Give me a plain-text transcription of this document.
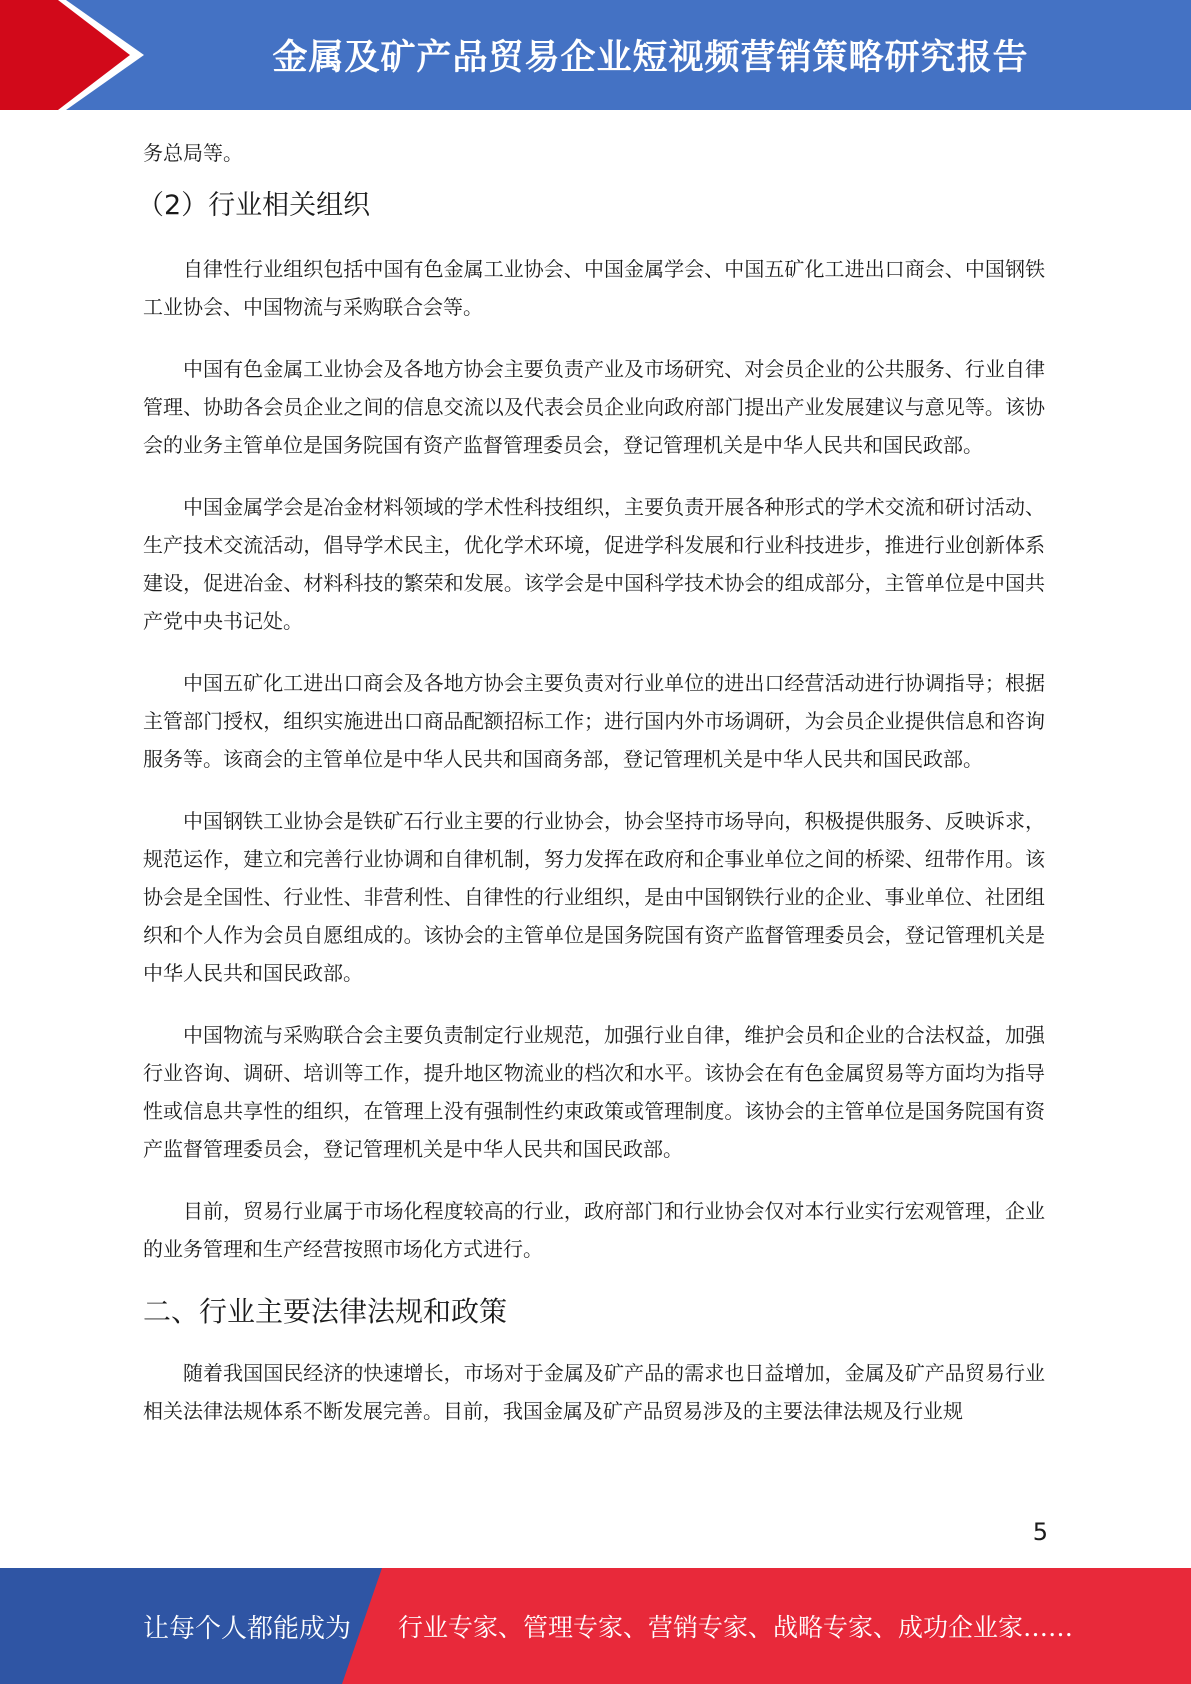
金属及矿产品贸易企业短视频营销策略研究报告

务总局等。

（2）行业相关组织

自律性行业组织包括中国有色金属工业协会、中国金属学会、中国五矿化工进出口商会、中国钢铁工业协会、中国物流与采购联合会等。

中国有色金属工业协会及各地方协会主要负责产业及市场研究、对会员企业的公共服务、行业自律管理、协助各会员企业之间的信息交流以及代表会员企业向政府部门提出产业发展建议与意见等。该协会的业务主管单位是国务院国有资产监督管理委员会，登记管理机关是中华人民共和国民政部。

中国金属学会是冶金材料领域的学术性科技组织，主要负责开展各种形式的学术交流和研讨活动、生产技术交流活动，倡导学术民主，优化学术环境，促进学科发展和行业科技进步，推进行业创新体系建设，促进冶金、材料科技的繁荣和发展。该学会是中国科学技术协会的组成部分，主管单位是中国共产党中央书记处。

中国五矿化工进出口商会及各地方协会主要负责对行业单位的进出口经营活动进行协调指导；根据主管部门授权，组织实施进出口商品配额招标工作；进行国内外市场调研，为会员企业提供信息和咨询服务等。该商会的主管单位是中华人民共和国商务部，登记管理机关是中华人民共和国民政部。

中国钢铁工业协会是铁矿石行业主要的行业协会，协会坚持市场导向，积极提供服务、反映诉求，规范运作，建立和完善行业协调和自律机制，努力发挥在政府和企事业单位之间的桥梁、纽带作用。该协会是全国性、行业性、非营利性、自律性的行业组织，是由中国钢铁行业的企业、事业单位、社团组织和个人作为会员自愿组成的。该协会的主管单位是国务院国有资产监督管理委员会，登记管理机关是中华人民共和国民政部。

中国物流与采购联合会主要负责制定行业规范，加强行业自律，维护会员和企业的合法权益，加强行业咨询、调研、培训等工作，提升地区物流业的档次和水平。该协会在有色金属贸易等方面均为指导性或信息共享性的组织，在管理上没有强制性约束政策或管理制度。该协会的主管单位是国务院国有资产监督管理委员会，登记管理机关是中华人民共和国民政部。

目前，贸易行业属于市场化程度较高的行业，政府部门和行业协会仅对本行业实行宏观管理，企业的业务管理和生产经营按照市场化方式进行。

二、行业主要法律法规和政策

随着我国国民经济的快速增长，市场对于金属及矿产品的需求也日益增加，金属及矿产品贸易行业相关法律法规体系不断发展完善。目前，我国金属及矿产品贸易涉及的主要法律法规及行业规

5
让每个人都能成为 行业专家、管理专家、营销专家、战略专家、成功企业家……
